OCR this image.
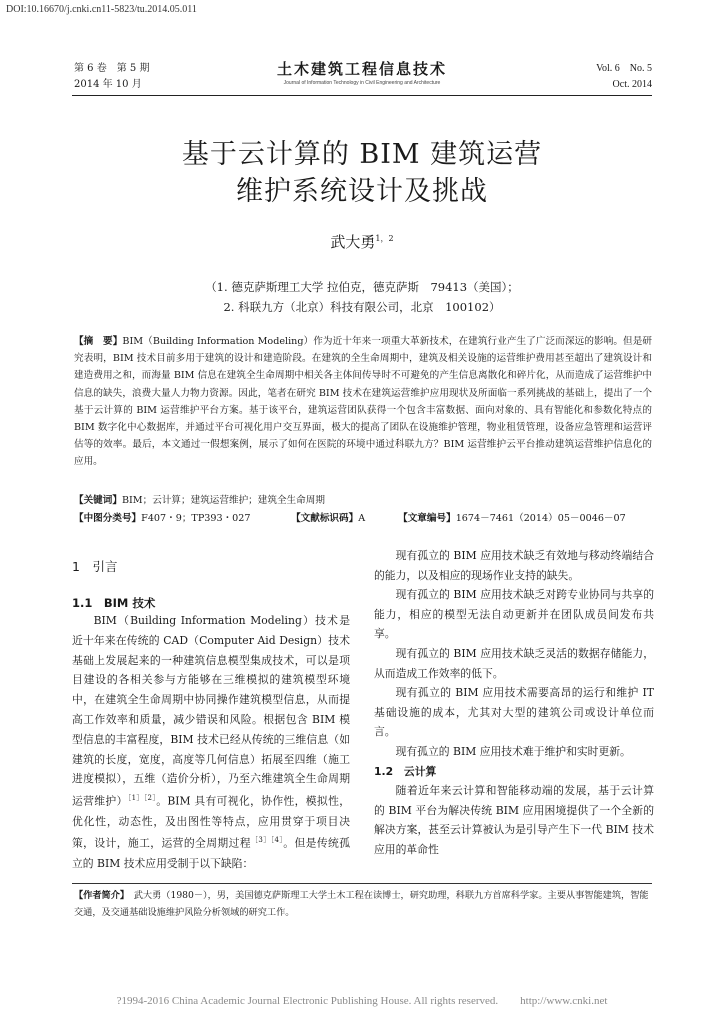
DOI:10.16670/j.cnki.cn11-5823/tu.2014.05.011
第 6 卷　第 5 期
2014 年 10 月
土木建筑工程信息技术
Journal of Information Technology in Civil Engineering and Architecture
Vol. 6　No. 5
Oct. 2014
基于云计算的 BIM 建筑运营
维护系统设计及挑战
武大勇$^{1,2}$
（1. 德克萨斯理工大学 拉伯克，德克萨斯　79413（美国）；
2. 科联九方（北京）科技有限公司，北京　100102）
【摘　要】BIM（Building Information Modeling）作为近十年来一项重大革新技术，在建筑行业产生了广泛而深远的影响。但是研究表明，BIM 技术目前多用于建筑的设计和建造阶段。在建筑的全生命周期中，建筑及相关设施的运营维护费用甚至超出了建筑设计和建造费用之和，而海量 BIM 信息在建筑全生命周期中相关各主体间传导时不可避免的产生信息离散化和碎片化，从而造成了运营维护中信息的缺失，浪费大量人力物力资源。因此，笔者在研究 BIM 技术在建筑运营维护应用现状及所面临一系列挑战的基础上，提出了一个基于云计算的 BIM 运营维护平台方案。基于该平台，建筑运营团队获得一个包含丰富数据、面向对象的、具有智能化和参数化特点的 BIM 数字化中心数据库，并通过平台可视化用户交互界面，极大的提高了团队在设施维护管理，物业租赁管理，设备应急管理和运营评估等的效率。最后，本文通过一假想案例，展示了如何在医院的环境中通过科联九方？BIM 运营维护云平台推动建筑运营维护信息化的应用。
【关键词】BIM；云计算；建筑运营维护；建筑全生命周期
【中图分类号】F407・9；TP393・027	【文献标识码】A	【文章编号】1674－7461（2014）05－0046－07
1　引言
1.1　BIM 技术

BIM（Building Information Modeling）技术是近十年来在传统的 CAD（Computer Aid Design）技术基础上发展起来的一种建筑信息模型集成技术，可以是项目建设的各相关参与方能够在三维模拟的建筑模型环境中，在建筑全生命周期中协同操作建筑模型信息，从而提高工作效率和质量，减少错误和风险。根据包含 BIM 模型信息的丰富程度，BIM 技术已经从传统的三维信息（如建筑的长度，宽度，高度等几何信息）拓展至四维（施工进度模拟），五维（造价分析），乃至六维建筑全生命周期运营维护）$^{[1][2]}$。BIM 具有可视化，协作性，模拟性，优化性，动态性，及出图性等特点，应用贯穿于项目决策，设计，施工，运营的全周期过程$^{[3][4]}$。但是传统孤立的 BIM 技术应用受制于以下缺陷：

现有孤立的 BIM 应用技术缺乏有效地与移动终端结合的能力，以及相应的现场作业支持的缺失。

现有孤立的 BIM 应用技术缺乏对跨专业协同与共享的能力，相应的模型无法自动更新并在团队成员间发布共享。

现有孤立的 BIM 应用技术缺乏灵活的数据存储能力，从而造成工作效率的低下。

现有孤立的 BIM 应用技术需要高昂的运行和维护 IT 基础设施的成本，尤其对大型的建筑公司或设计单位而言。

现有孤立的 BIM 应用技术难于维护和实时更新。

1.2　云计算

随着近年来云计算和智能移动端的发展，基于云计算的 BIM 平台为解决传统 BIM 应用困境提供了一个全新的解决方案，甚至云计算被认为是引导产生下一代 BIM 技术应用的革命性

【作者简介】　 武大勇（1980－），男，美国德克萨斯理工大学土木工程在读博士，研究助理，科联九方首席科学家。主要从事智能建筑，智能交通，及交通基础设施维护风险分析领域的研究工作。
?1994-2016 China Academic Journal Electronic Publishing House. All rights reserved.　　http://www.cnki.net
